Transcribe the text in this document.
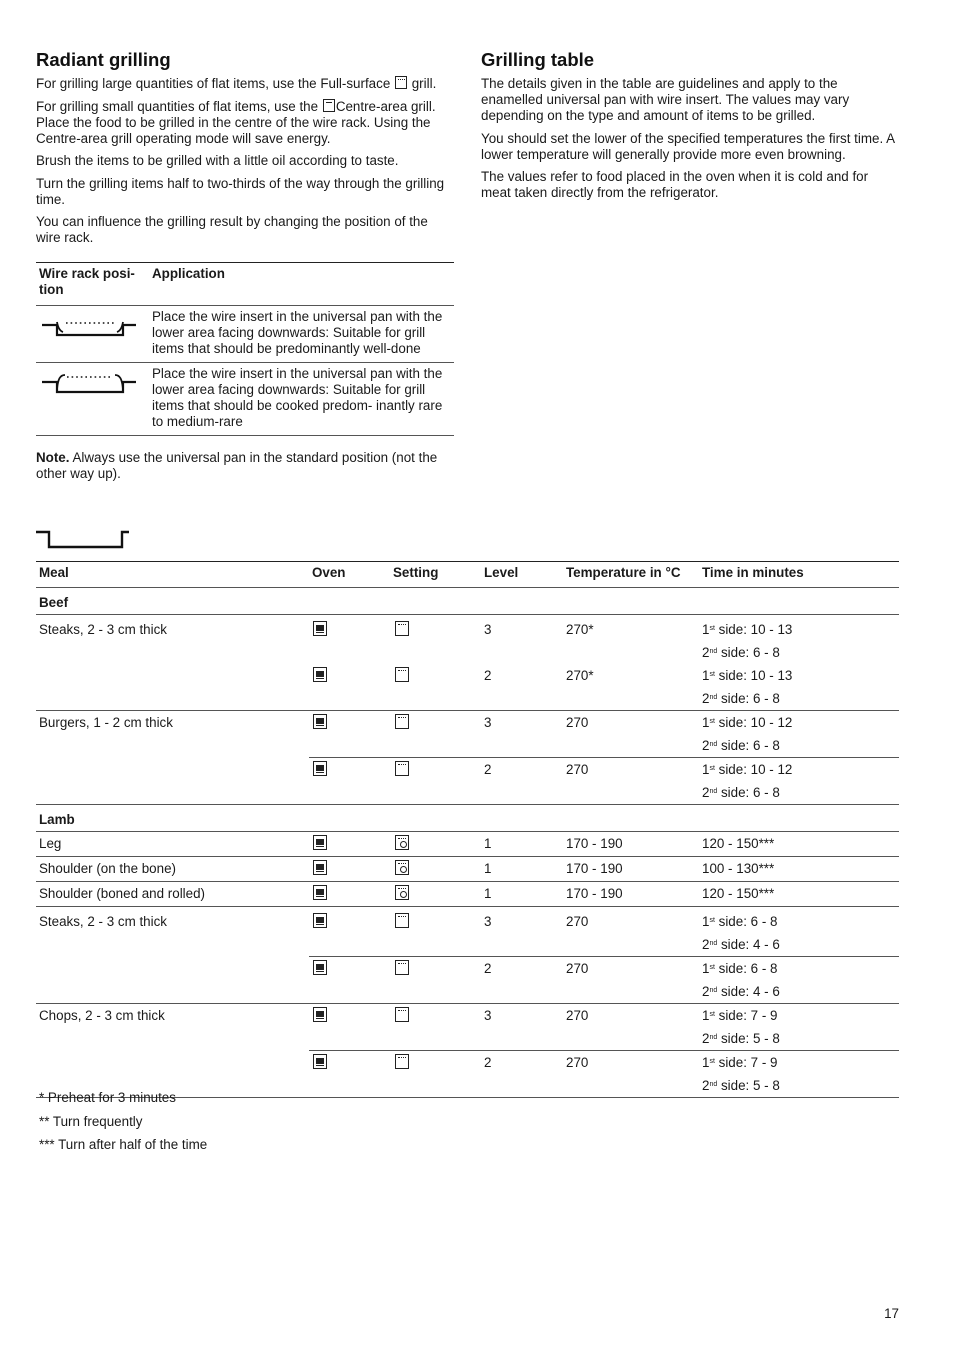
Radiant grilling

For grilling large quantities of flat items, use the Full-surface grill.

For grilling small quantities of flat items, use the Centre-area grill. Place the food to be grilled in the centre of the wire rack. Using the Centre-area grill operating mode will save energy.

Brush the items to be grilled with a little oil according to taste.

Turn the grilling items half to two-thirds of the way through the grilling time.

You can influence the grilling result by changing the position of the wire rack.

Wire rack posi- tion	Application
	Place the wire insert in the universal pan with the lower area facing downwards: Suitable for grill items that should be predominantly well-done
	Place the wire insert in the universal pan with the lower area facing downwards: Suitable for grill items that should be cooked predom- inantly rare to medium-rare

Note. Always use the universal pan in the standard position (not the other way up).

Grilling table

The details given in the table are guidelines and apply to the enamelled universal pan with wire insert. The values may vary depending on the type and amount of items to be grilled.

You should set the lower of the specified temperatures the first time. A lower temperature will generally provide more even browning.

The values refer to food placed in the oven when it is cold and for meat taken directly from the refrigerator.

Meal	Oven	Setting	Level	Temperature in °C	Time in minutes
Beef					
Steaks, 2 - 3 cm thick			3	270*	1st side: 10 - 13
2nd side: 6 - 8
			2	270*	1st side: 10 - 13
2nd side: 6 - 8
Burgers, 1 - 2 cm thick			3	270	1st side: 10 - 12
2nd side: 6 - 8
			2	270	1st side: 10 - 12
2nd side: 6 - 8
Lamb					
Leg			1	170 - 190	120 - 150***
Shoulder (on the bone)			1	170 - 190	100 - 130***
Shoulder (boned and rolled)			1	170 - 190	120 - 150***
Steaks, 2 - 3 cm thick			3	270	1st side: 6 - 8
2nd side: 4 - 6
			2	270	1st side: 6 - 8
2nd side: 4 - 6
Chops, 2 - 3 cm thick			3	270	1st side: 7 - 9
2nd side: 5 - 8
			2	270	1st side: 7 - 9
2nd side: 5 - 8
* Preheat for 3 minutes
** Turn frequently
*** Turn after half of the time
17
